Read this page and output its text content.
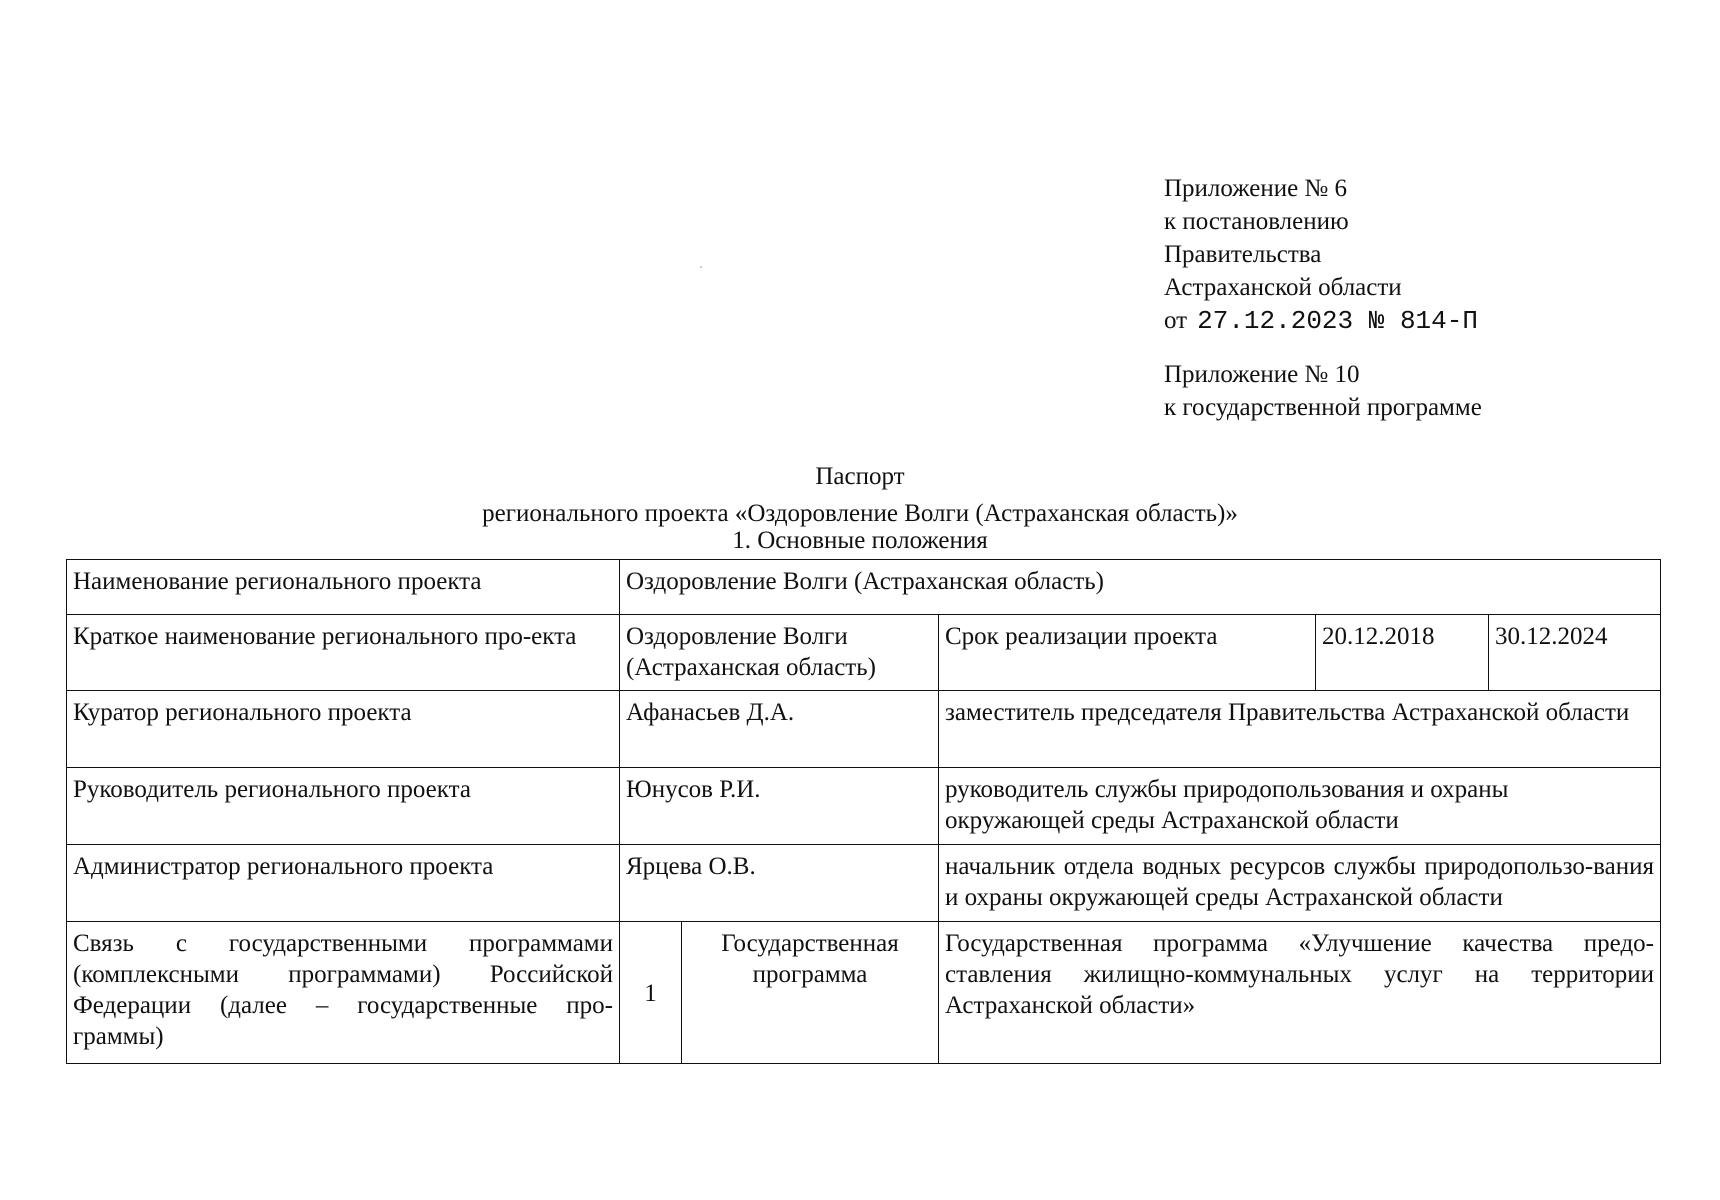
Приложение № 6
к постановлению
Правительства
Астраханской области
от 27.12.2023 № 814-П
Приложение № 10
к государственной программе
Паспорт
регионального проекта «Оздоровление Волги (Астраханская область)»
1. Основные положения
Наименование регионального проекта	Оздоровление Волги (Астраханская область)				
Краткое наименование регионального про-екта	Оздоровление Волги (Астраханская область)		Срок реализации проекта	20.12.2018	30.12.2024
Куратор регионального проекта	Афанасьев Д.А.		заместитель председателя Правительства Астраханской области		
Руководитель регионального проекта	Юнусов Р.И.		руководитель службы природопользования и охраны окружающей среды Астраханской области		
Администратор регионального проекта	Ярцева О.В.		начальник отдела водных ресурсов службы природопользо-вания и охраны окружающей среды Астраханской области		
Связь с государственными программами (комплексными программами) Российской Федерации (далее – государственные про-граммы)	1	Государственная программа	Государственная программа «Улучшение качества предо-ставления жилищно-коммунальных услуг на территории Астраханской области»		
